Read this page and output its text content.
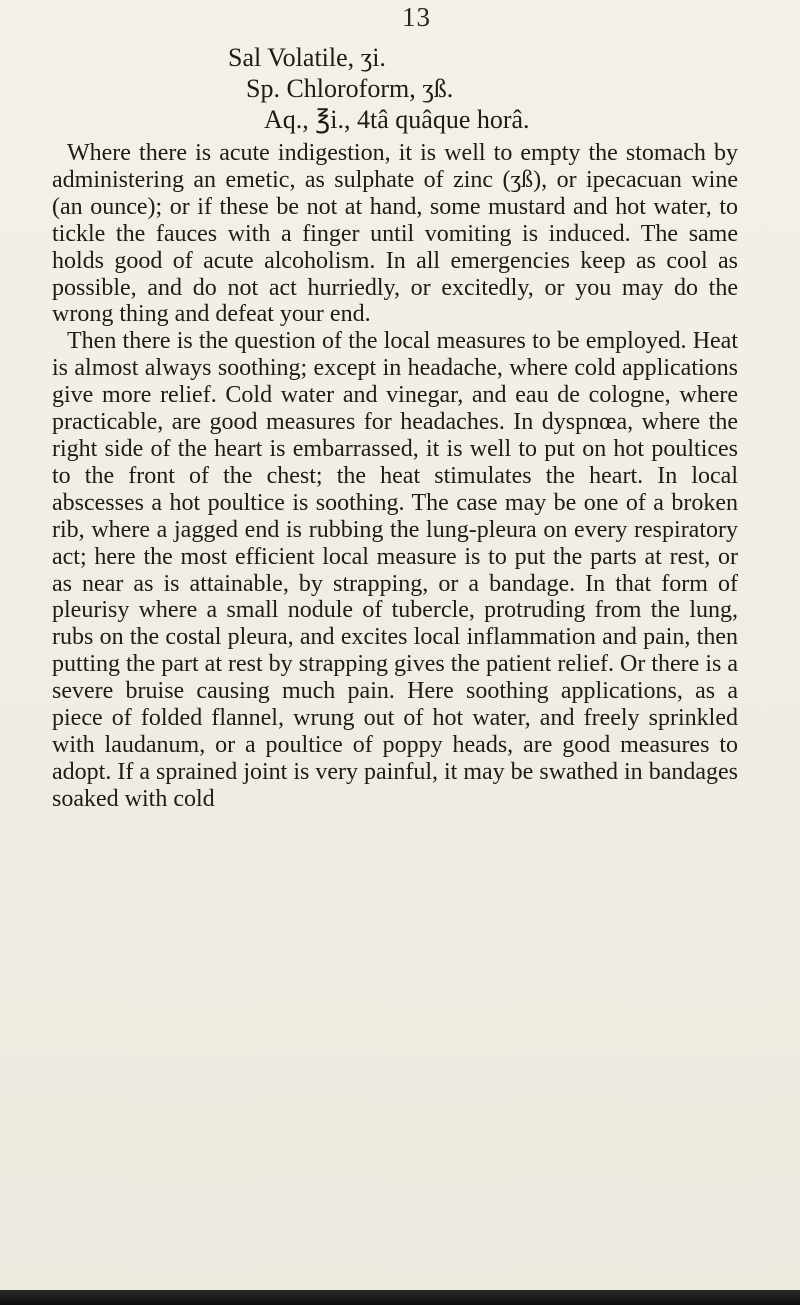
13
Sal Volatile, ʒi.
Sp. Chloroform, ʒß.
Aq., ℥i., 4tâ quâque horâ.

Where there is acute indigestion, it is well to empty the stomach by administering an emetic, as sulphate of zinc (ʒß), or ipecacuan wine (an ounce); or if these be not at hand, some mustard and hot water, to tickle the fauces with a finger until vomiting is induced. The same holds good of acute alcoholism. In all emergencies keep as cool as possible, and do not act hurriedly, or excitedly, or you may do the wrong thing and defeat your end.

Then there is the question of the local measures to be employed. Heat is almost always soothing; except in headache, where cold applications give more relief. Cold water and vinegar, and eau de cologne, where practicable, are good measures for headaches. In dyspnœa, where the right side of the heart is embarrassed, it is well to put on hot poultices to the front of the chest; the heat stimulates the heart. In local abscesses a hot poultice is soothing. The case may be one of a broken rib, where a jagged end is rubbing the lung-pleura on every respiratory act; here the most efficient local measure is to put the parts at rest, or as near as is attainable, by strapping, or a bandage. In that form of pleurisy where a small nodule of tubercle, protruding from the lung, rubs on the costal pleura, and excites local inflammation and pain, then putting the part at rest by strapping gives the patient relief. Or there is a severe bruise causing much pain. Here soothing applications, as a piece of folded flannel, wrung out of hot water, and freely sprinkled with laudanum, or a poultice of poppy heads, are good measures to adopt. If a sprained joint is very painful, it may be swathed in bandages soaked with cold
